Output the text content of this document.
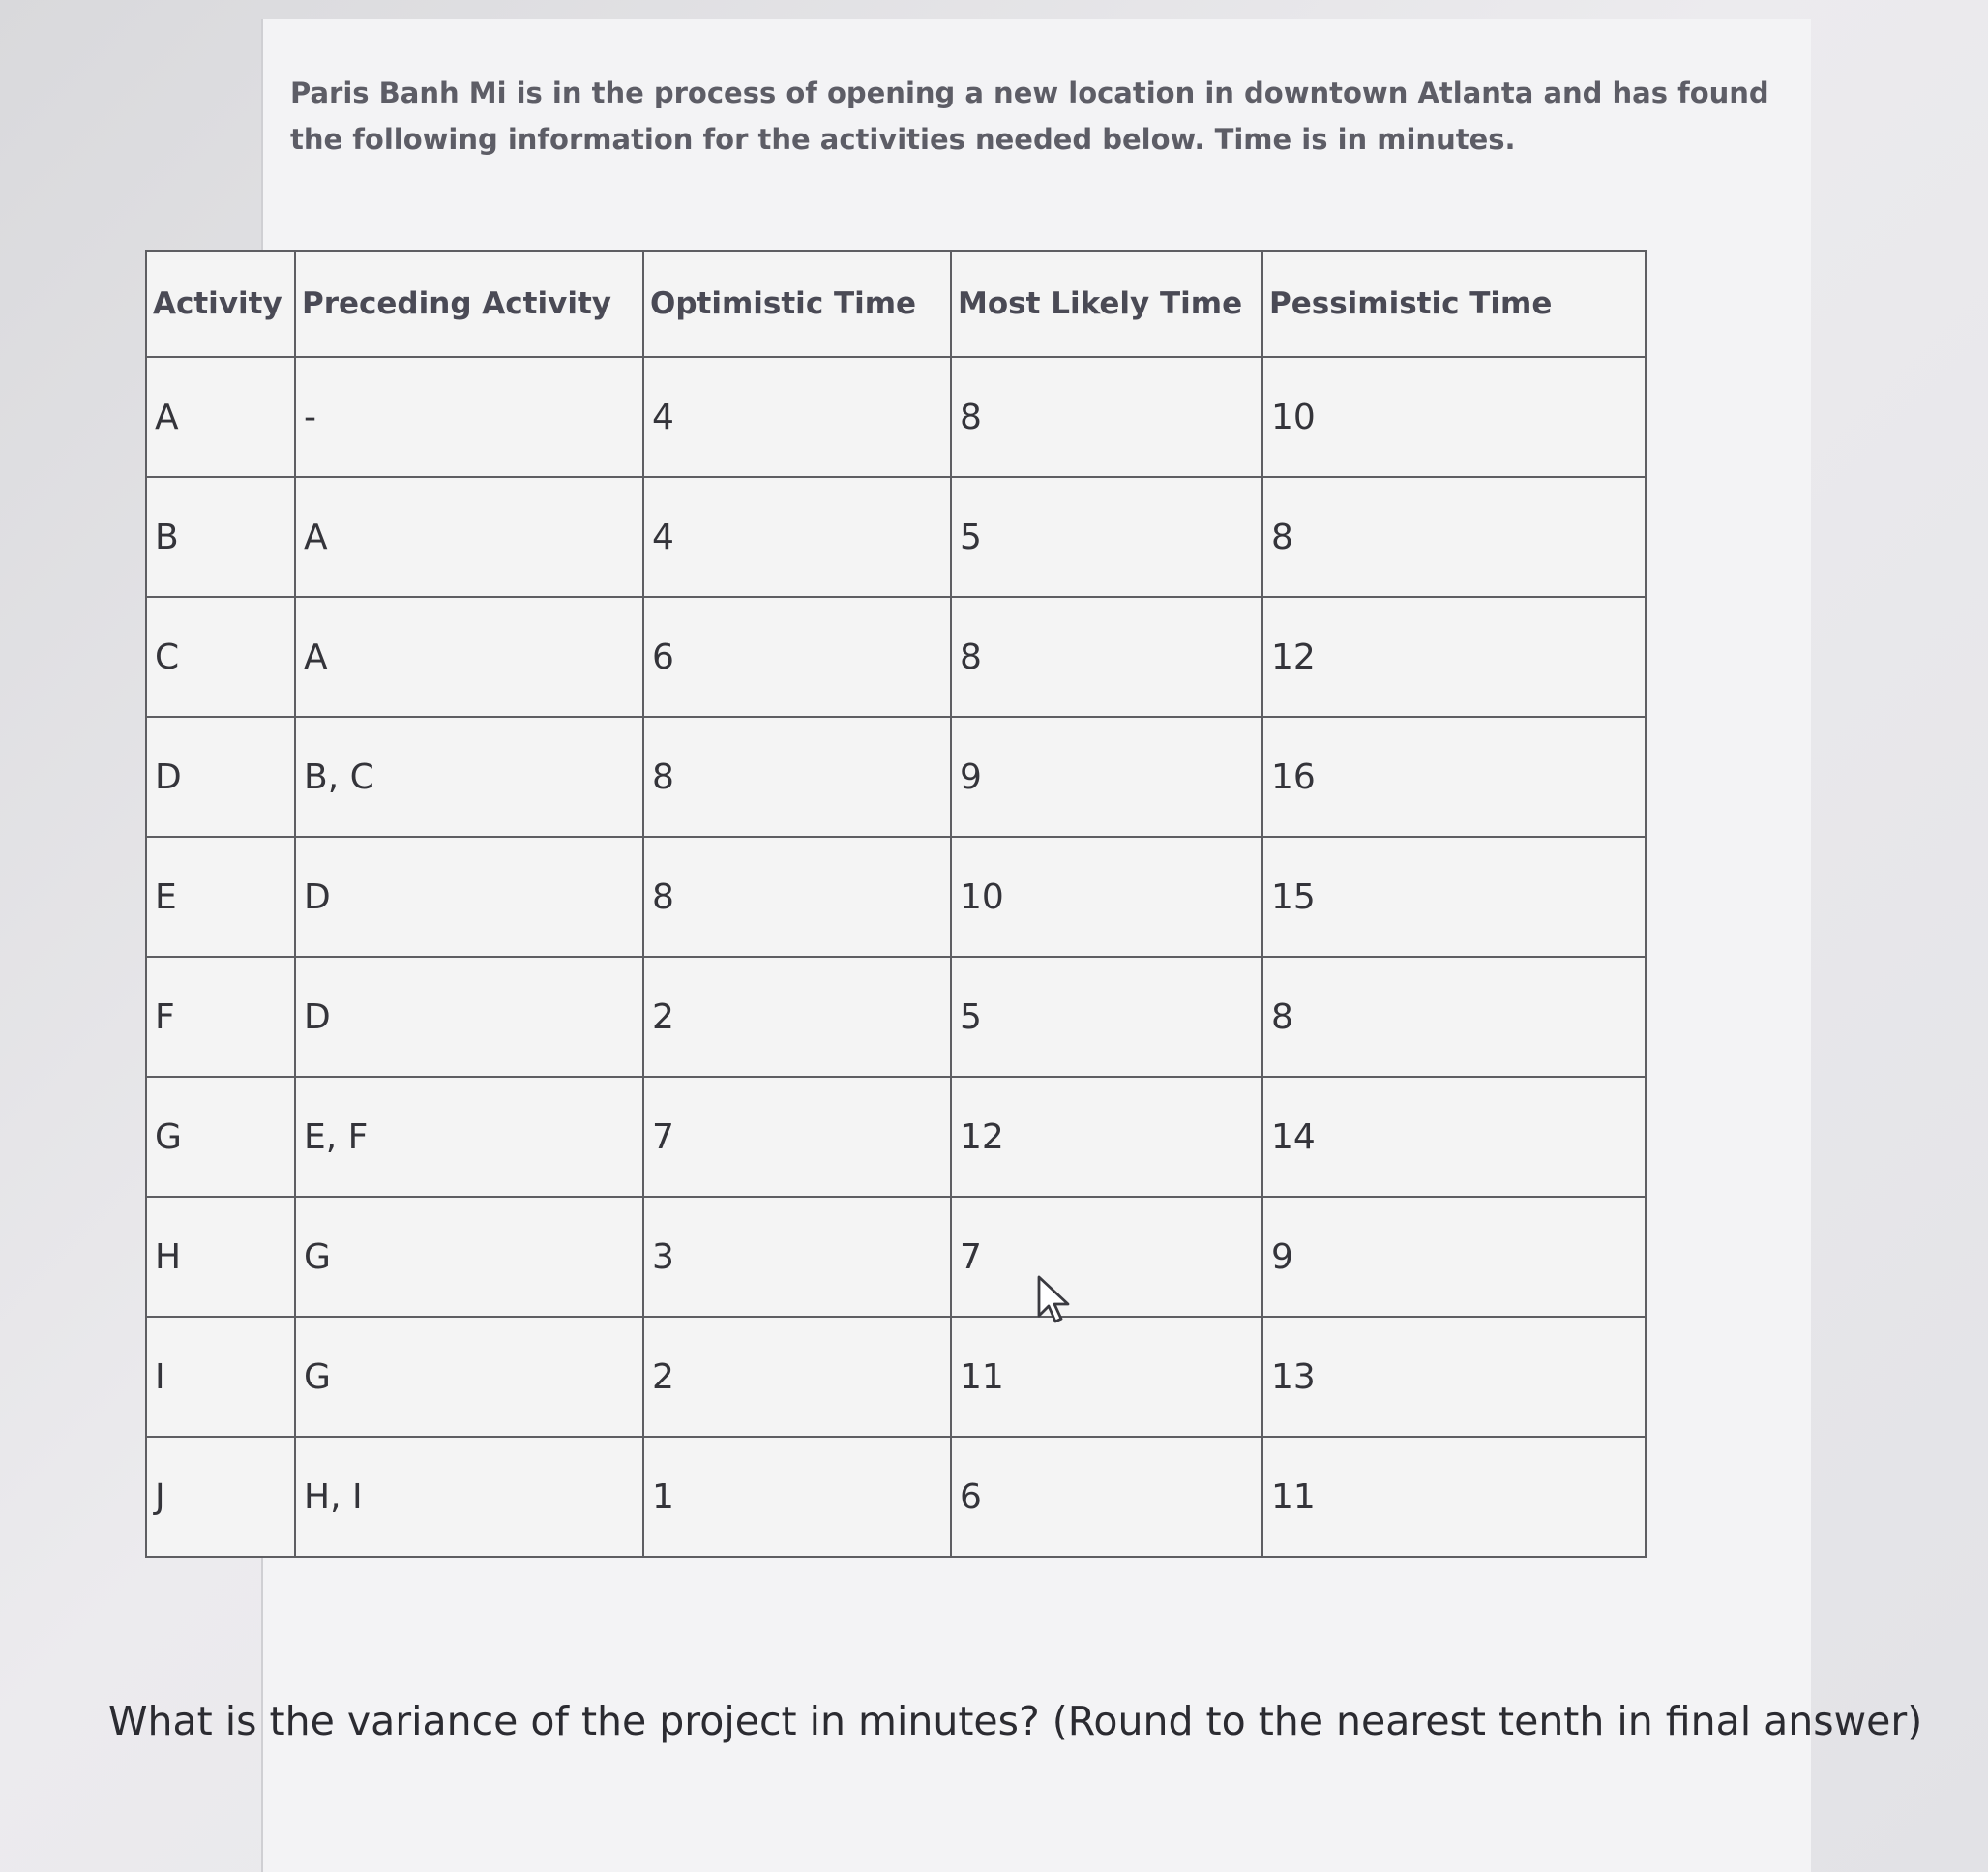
Paris Banh Mi is in the process of opening a new location in downtown Atlanta and has found the following information for the activities needed below. Time is in minutes.
Activity	Preceding Activity	Optimistic Time	Most Likely Time	Pessimistic Time
A	-	4	8	10
B	A	4	5	8
C	A	6	8	12
D	B, C	8	9	16
E	D	8	10	15
F	D	2	5	8
G	E, F	7	12	14
H	G	3	7	9
I	G	2	11	13
J	H, I	1	6	11
What is the variance of the project in minutes? (Round to the nearest tenth in final answer)
